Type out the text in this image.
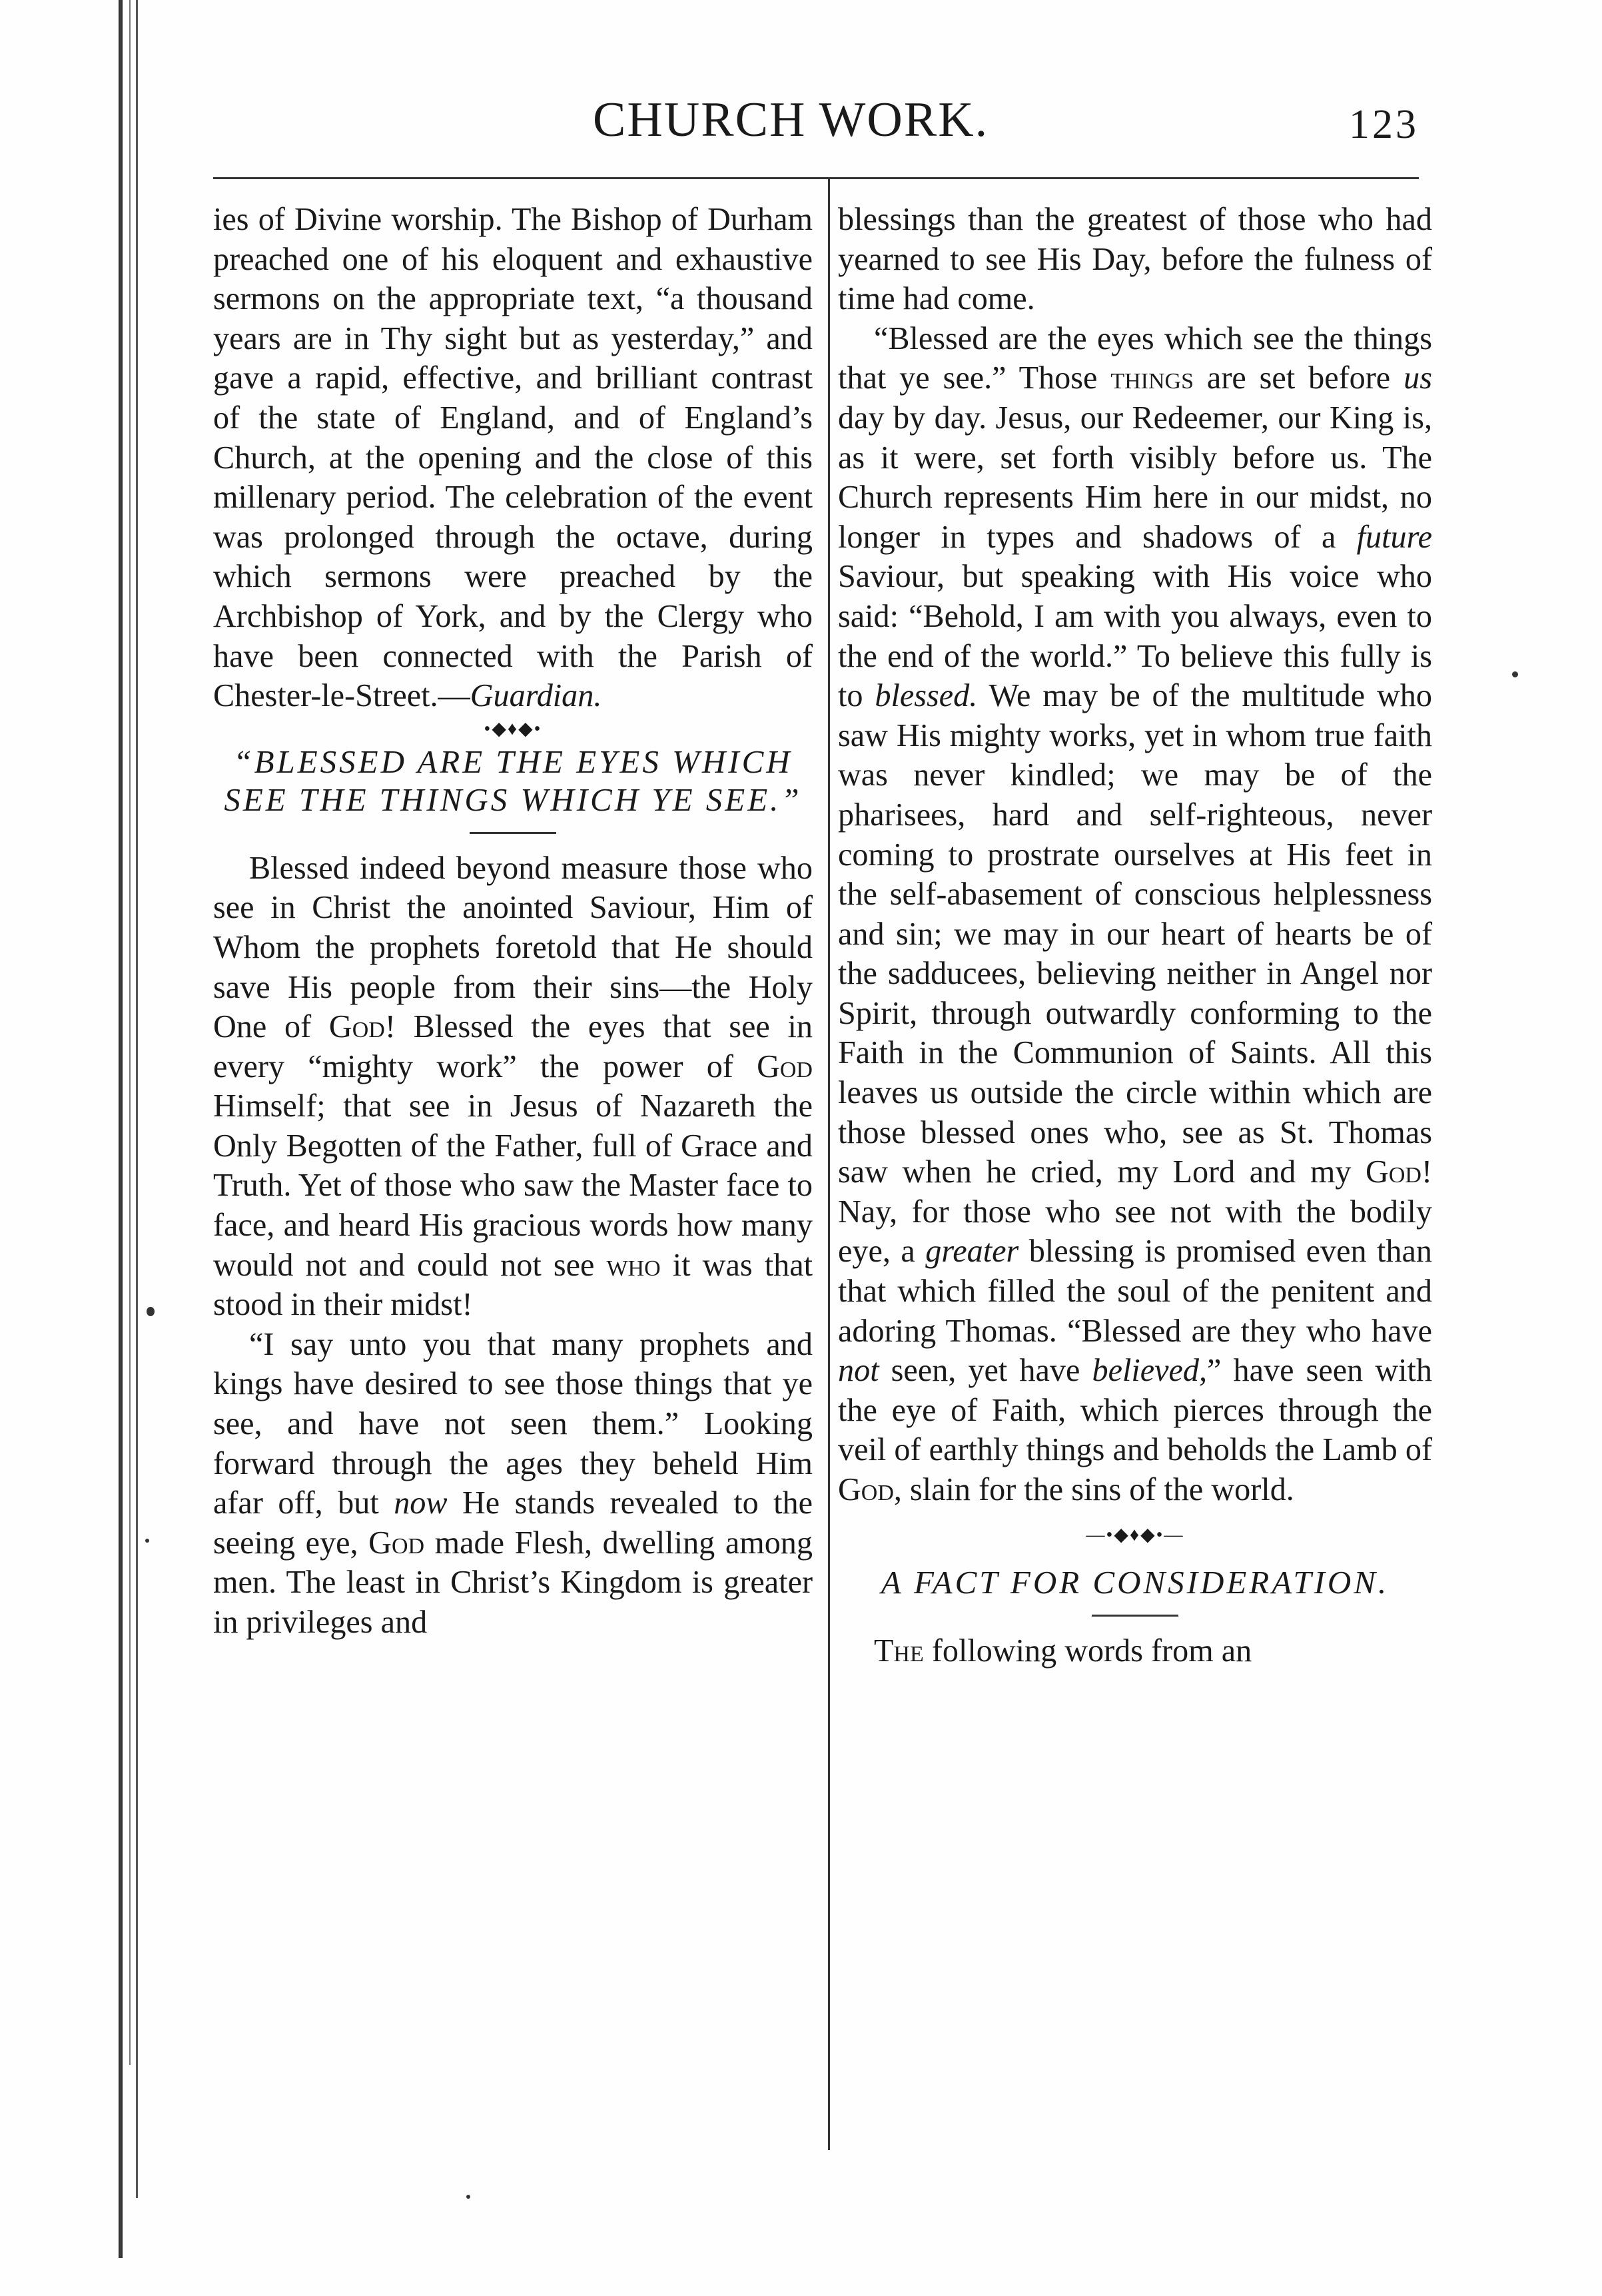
CHURCH WORK.	123

ies of Divine worship. The Bishop of Durham preached one of his eloquent and exhaustive sermons on the appropriate text, “a thousand years are in Thy sight but as yesterday,” and gave a rapid, effective, and brilliant contrast of the state of England, and of England’s Church, at the opening and the close of this millenary period. The celebration of the event was prolonged through the octave, during which sermons were preached by the Archbishop of York, and by the Clergy who have been connected with the Parish of Chester-le-Street.—Guardian.

•◆♦◆•

“BLESSED ARE THE EYES WHICH SEE THE THINGS WHICH YE SEE.”

Blessed indeed beyond measure those who see in Christ the anointed Saviour, Him of Whom the prophets foretold that He should save His people from their sins—the Holy One of God! Blessed the eyes that see in every “mighty work” the power of God Himself; that see in Jesus of Nazareth the Only Begotten of the Father, full of Grace and Truth. Yet of those who saw the Master face to face, and heard His gracious words how many would not and could not see who it was that stood in their midst!

“I say unto you that many prophets and kings have desired to see those things that ye see, and have not seen them.” Looking forward through the ages they beheld Him afar off, but now He stands revealed to the seeing eye, God made Flesh, dwelling among men. The least in Christ’s Kingdom is greater in privileges and

blessings than the greatest of those who had yearned to see His Day, before the fulness of time had come.

“Blessed are the eyes which see the things that ye see.” Those things are set before us day by day. Jesus, our Redeemer, our King is, as it were, set forth visibly before us. The Church represents Him here in our midst, no longer in types and shadows of a future Saviour, but speaking with His voice who said: “Behold, I am with you always, even to the end of the world.” To believe this fully is to blessed. We may be of the multitude who saw His mighty works, yet in whom true faith was never kindled; we may be of the pharisees, hard and self-righteous, never coming to prostrate ourselves at His feet in the self-abasement of conscious helplessness and sin; we may in our heart of hearts be of the sadducees, believing neither in Angel nor Spirit, through outwardly conforming to the Faith in the Communion of Saints. All this leaves us outside the circle within which are those blessed ones who, see as St. Thomas saw when he cried, my Lord and my God! Nay, for those who see not with the bodily eye, a greater blessing is promised even than that which filled the soul of the penitent and adoring Thomas. “Blessed are they who have not seen, yet have believed,” have seen with the eye of Faith, which pierces through the veil of earthly things and beholds the Lamb of God, slain for the sins of the world.

—•◆♦◆•—

A FACT FOR CONSIDERATION.

The following words from an
